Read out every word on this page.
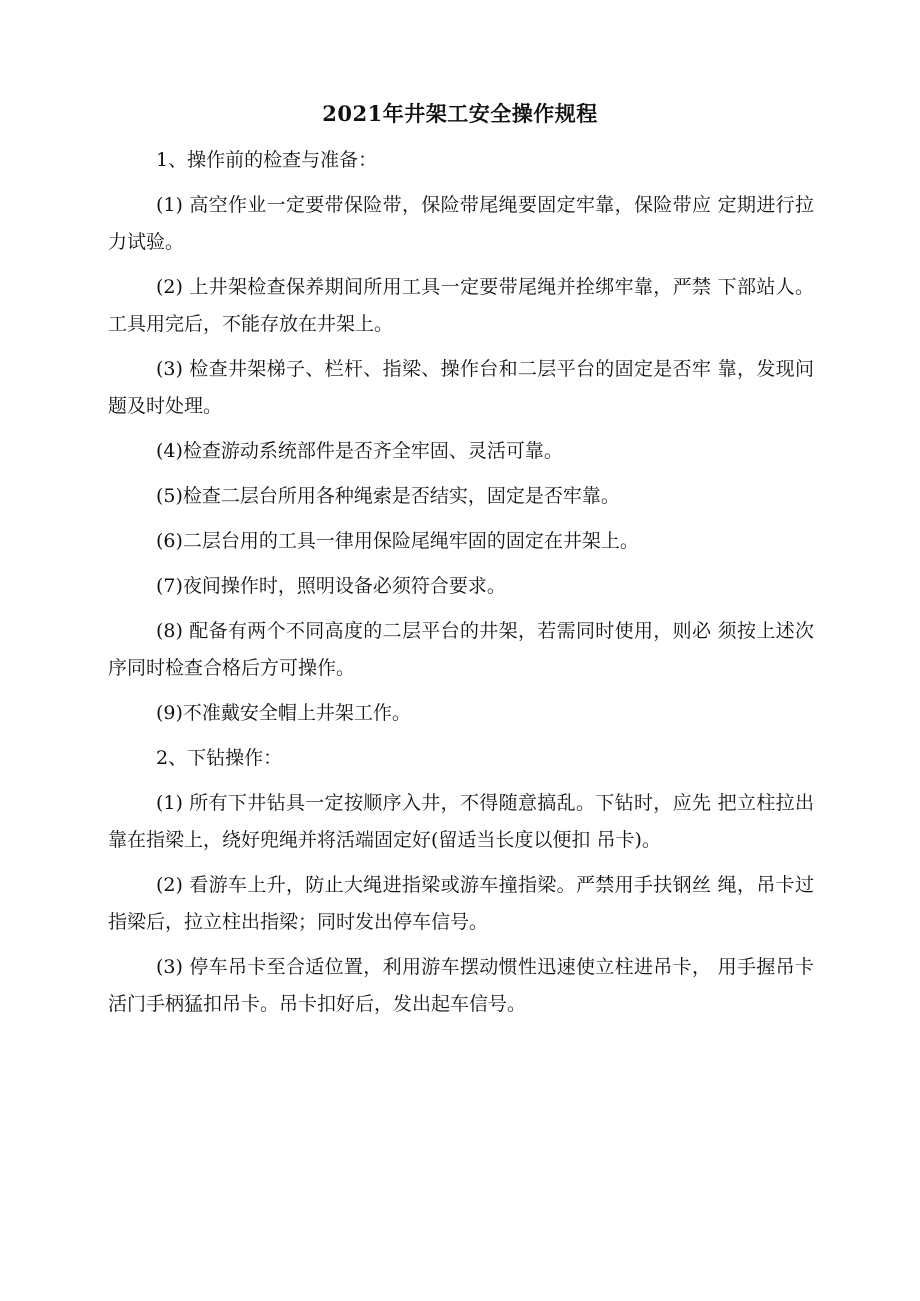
2021年井架工安全操作规程

1、操作前的检查与准备：

(1) 高空作业一定要带保险带，保险带尾绳要固定牢靠，保险带应 定期进行拉力试验。

(2) 上井架检查保养期间所用工具一定要带尾绳并拴绑牢靠，严禁 下部站人。工具用完后，不能存放在井架上。

(3) 检查井架梯子、栏杆、指梁、操作台和二层平台的固定是否牢 靠，发现问题及时处理。

(4)检查游动系统部件是否齐全牢固、灵活可靠。

(5)检查二层台所用各种绳索是否结实，固定是否牢靠。

(6)二层台用的工具一律用保险尾绳牢固的固定在井架上。

(7)夜间操作时，照明设备必须符合要求。

(8) 配备有两个不同高度的二层平台的井架，若需同时使用，则必 须按上述次序同时检查合格后方可操作。

(9)不准戴安全帽上井架工作。

2、下钻操作：

(1) 所有下井钻具一定按顺序入井，不得随意搞乱。下钻时，应先 把立柱拉出靠在指梁上，绕好兜绳并将活端固定好(留适当长度以便扣 吊卡)。

(2) 看游车上升，防止大绳进指梁或游车撞指梁。严禁用手扶钢丝 绳，吊卡过指梁后，拉立柱出指梁；同时发出停车信号。

(3) 停车吊卡至合适位置，利用游车摆动惯性迅速使立柱进吊卡， 用手握吊卡活门手柄猛扣吊卡。吊卡扣好后，发出起车信号。
